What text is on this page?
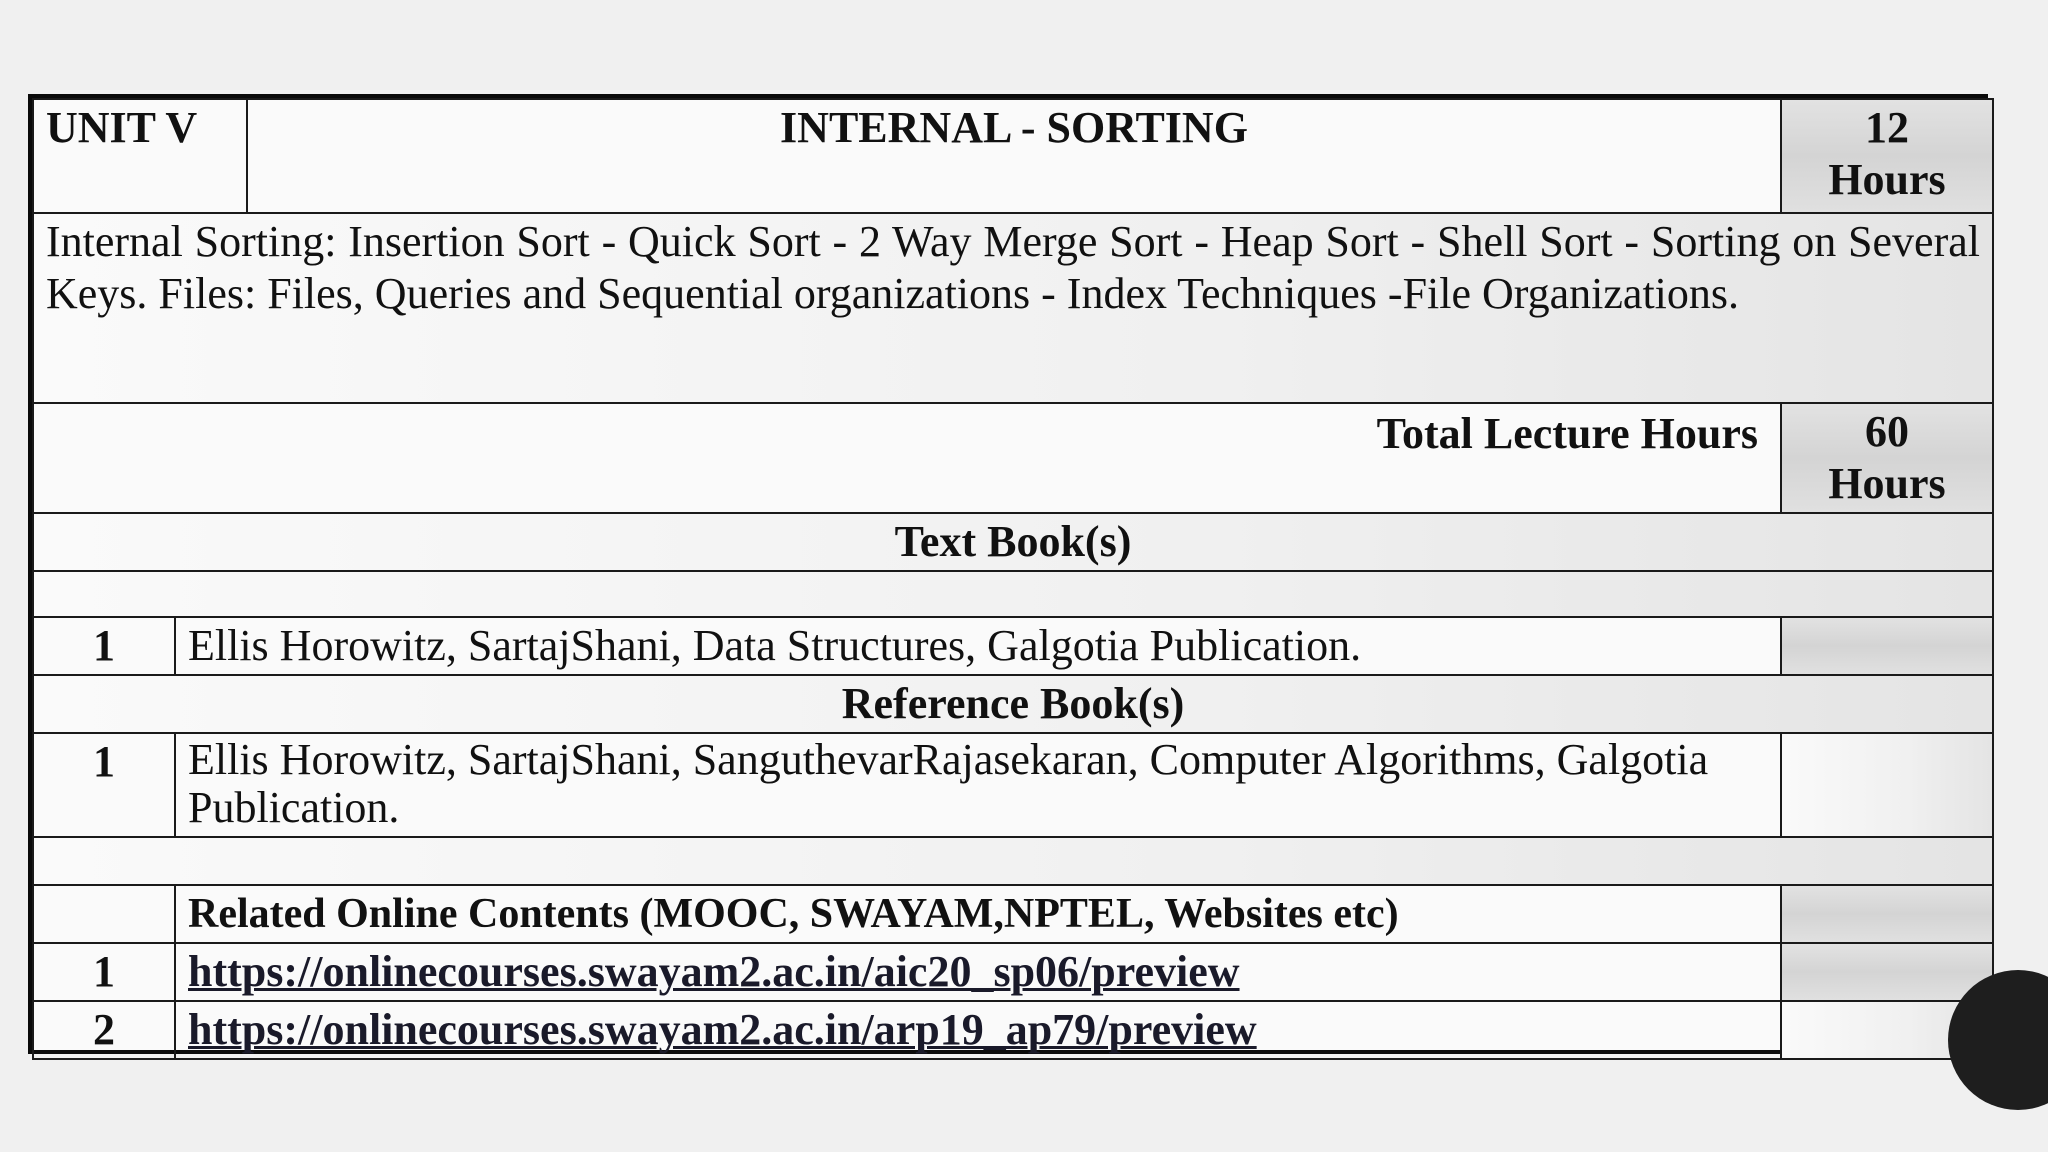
UNIT V		INTERNAL - SORTING	12
Hours

Internal Sorting: Insertion Sort - Quick Sort - 2 Way Merge Sort - Heap Sort - Shell Sort - Sorting on Several Keys. Files: Files, Queries and Sequential organizations - Index Techniques -File Organizations.			
Total Lecture Hours			60
Hours

Text Book(s)			

1	Ellis Horowitz, SartajShani, Data Structures, Galgotia Publication.		
Reference Book(s)			
1	Ellis Horowitz, SartajShani, SanguthevarRajasekaran, Computer Algorithms, Galgotia Publication.		

	Related Online Contents (MOOC, SWAYAM,NPTEL, Websites etc)		
1	https://onlinecourses.swayam2.ac.in/aic20_sp06/preview		
2	https://onlinecourses.swayam2.ac.in/arp19_ap79/preview		
